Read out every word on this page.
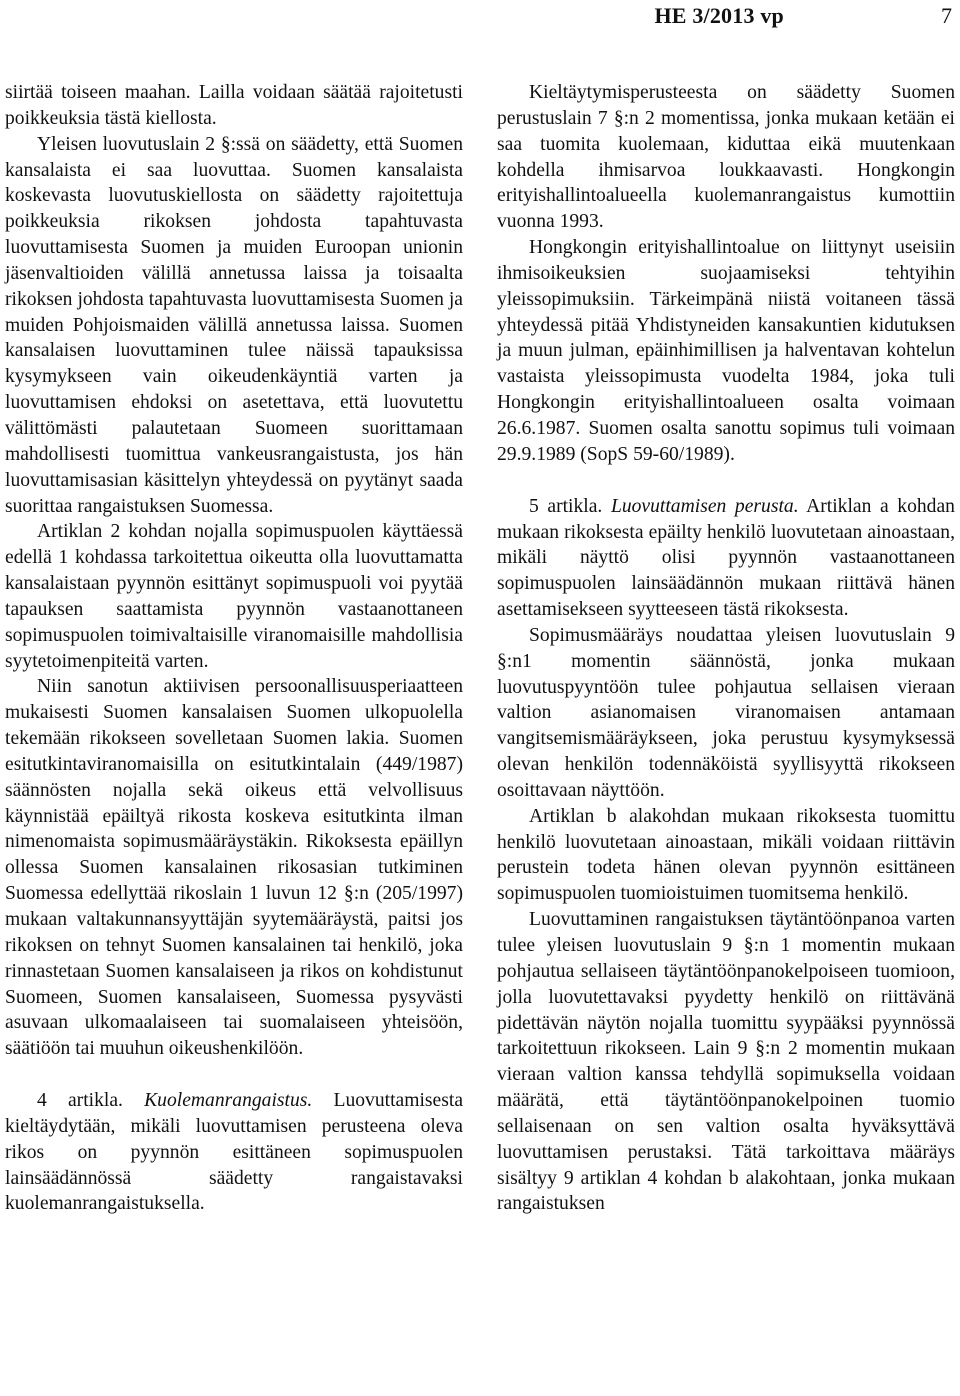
HE 3/2013 vp	7

siirtää toiseen maahan. Lailla voidaan säätää rajoitetusti poikkeuksia tästä kiellosta.

Yleisen luovutuslain 2 §:ssä on säädetty, että Suomen kansalaista ei saa luovuttaa. Suomen kansalaista koskevasta luovutuskiellosta on säädetty rajoitettuja poikkeuksia rikoksen johdosta tapahtuvasta luovuttamisesta Suomen ja muiden Euroopan unionin jäsenvaltioiden välillä annetussa laissa ja toisaalta rikoksen johdosta tapahtuvasta luovuttamisesta Suomen ja muiden Pohjoismaiden välillä annetussa laissa. Suomen kansalaisen luovuttaminen tulee näissä tapauksissa kysymykseen vain oikeudenkäyntiä varten ja luovuttamisen ehdoksi on asetettava, että luovutettu välittömästi palautetaan Suomeen suorittamaan mahdollisesti tuomittua vankeusrangaistusta, jos hän luovuttamisasian käsittelyn yhteydessä on pyytänyt saada suorittaa rangaistuksen Suomessa.

Artiklan 2 kohdan nojalla sopimuspuolen käyttäessä edellä 1 kohdassa tarkoitettua oikeutta olla luovuttamatta kansalaistaan pyynnön esittänyt sopimuspuoli voi pyytää tapauksen saattamista pyynnön vastaanottaneen sopimuspuolen toimivaltaisille viranomaisille mahdollisia syytetoimenpiteitä varten.

Niin sanotun aktiivisen persoonallisuusperiaatteen mukaisesti Suomen kansalaisen Suomen ulkopuolella tekemään rikokseen sovelletaan Suomen lakia. Suomen esitutkintaviranomaisilla on esitutkintalain (449/1987) säännösten nojalla sekä oikeus että velvollisuus käynnistää epäiltyä rikosta koskeva esitutkinta ilman nimenomaista sopimusmääräystäkin. Rikoksesta epäillyn ollessa Suomen kansalainen rikosasian tutkiminen Suomessa edellyttää rikoslain 1 luvun 12 §:n (205/1997) mukaan valtakunnansyyttäjän syytemääräystä, paitsi jos rikoksen on tehnyt Suomen kansalainen tai henkilö, joka rinnastetaan Suomen kansalaiseen ja rikos on kohdistunut Suomeen, Suomen kansalaiseen, Suomessa pysyvästi asuvaan ulkomaalaiseen tai suomalaiseen yhteisöön, säätiöön tai muuhun oikeushenkilöön.

4 artikla. Kuolemanrangaistus. Luovuttamisesta kieltäydytään, mikäli luovuttamisen perusteena oleva rikos on pyynnön esittäneen sopimuspuolen lainsäädännössä säädetty rangaistavaksi kuolemanrangaistuksella.

Kieltäytymisperusteesta on säädetty Suomen perustuslain 7 §:n 2 momentissa, jonka mukaan ketään ei saa tuomita kuolemaan, kiduttaa eikä muutenkaan kohdella ihmisarvoa loukkaavasti. Hongkongin erityishallintoalueella kuolemanrangaistus kumottiin vuonna 1993.

Hongkongin erityishallintoalue on liittynyt useisiin ihmisoikeuksien suojaamiseksi tehtyihin yleissopimuksiin. Tärkeimpänä niistä voitaneen tässä yhteydessä pitää Yhdistyneiden kansakuntien kidutuksen ja muun julman, epäinhimillisen ja halventavan kohtelun vastaista yleissopimusta vuodelta 1984, joka tuli Hongkongin erityishallintoalueen osalta voimaan 26.6.1987. Suomen osalta sanottu sopimus tuli voimaan 29.9.1989 (SopS 59-60/1989).

5 artikla. Luovuttamisen perusta. Artiklan a kohdan mukaan rikoksesta epäilty henkilö luovutetaan ainoastaan, mikäli näyttö olisi pyynnön vastaanottaneen sopimuspuolen lainsäädännön mukaan riittävä hänen asettamisekseen syytteeseen tästä rikoksesta.

Sopimusmääräys noudattaa yleisen luovutuslain 9 §:n1 momentin säännöstä, jonka mukaan luovutuspyyntöön tulee pohjautua sellaisen vieraan valtion asianomaisen viranomaisen antamaan vangitsemismääräykseen, joka perustuu kysymyksessä olevan henkilön todennäköistä syyllisyyttä rikokseen osoittavaan näyttöön.

Artiklan b alakohdan mukaan rikoksesta tuomittu henkilö luovutetaan ainoastaan, mikäli voidaan riittävin perustein todeta hänen olevan pyynnön esittäneen sopimuspuolen tuomioistuimen tuomitsema henkilö.

Luovuttaminen rangaistuksen täytäntöönpanoa varten tulee yleisen luovutuslain 9 §:n 1 momentin mukaan pohjautua sellaiseen täytäntöönpanokelpoiseen tuomioon, jolla luovutettavaksi pyydetty henkilö on riittävänä pidettävän näytön nojalla tuomittu syypääksi pyynnössä tarkoitettuun rikokseen. Lain 9 §:n 2 momentin mukaan vieraan valtion kanssa tehdyllä sopimuksella voidaan määrätä, että täytäntöönpanokelpoinen tuomio sellaisenaan on sen valtion osalta hyväksyttävä luovuttamisen perustaksi. Tätä tarkoittava määräys sisältyy 9 artiklan 4 kohdan b alakohtaan, jonka mukaan rangaistuksen
